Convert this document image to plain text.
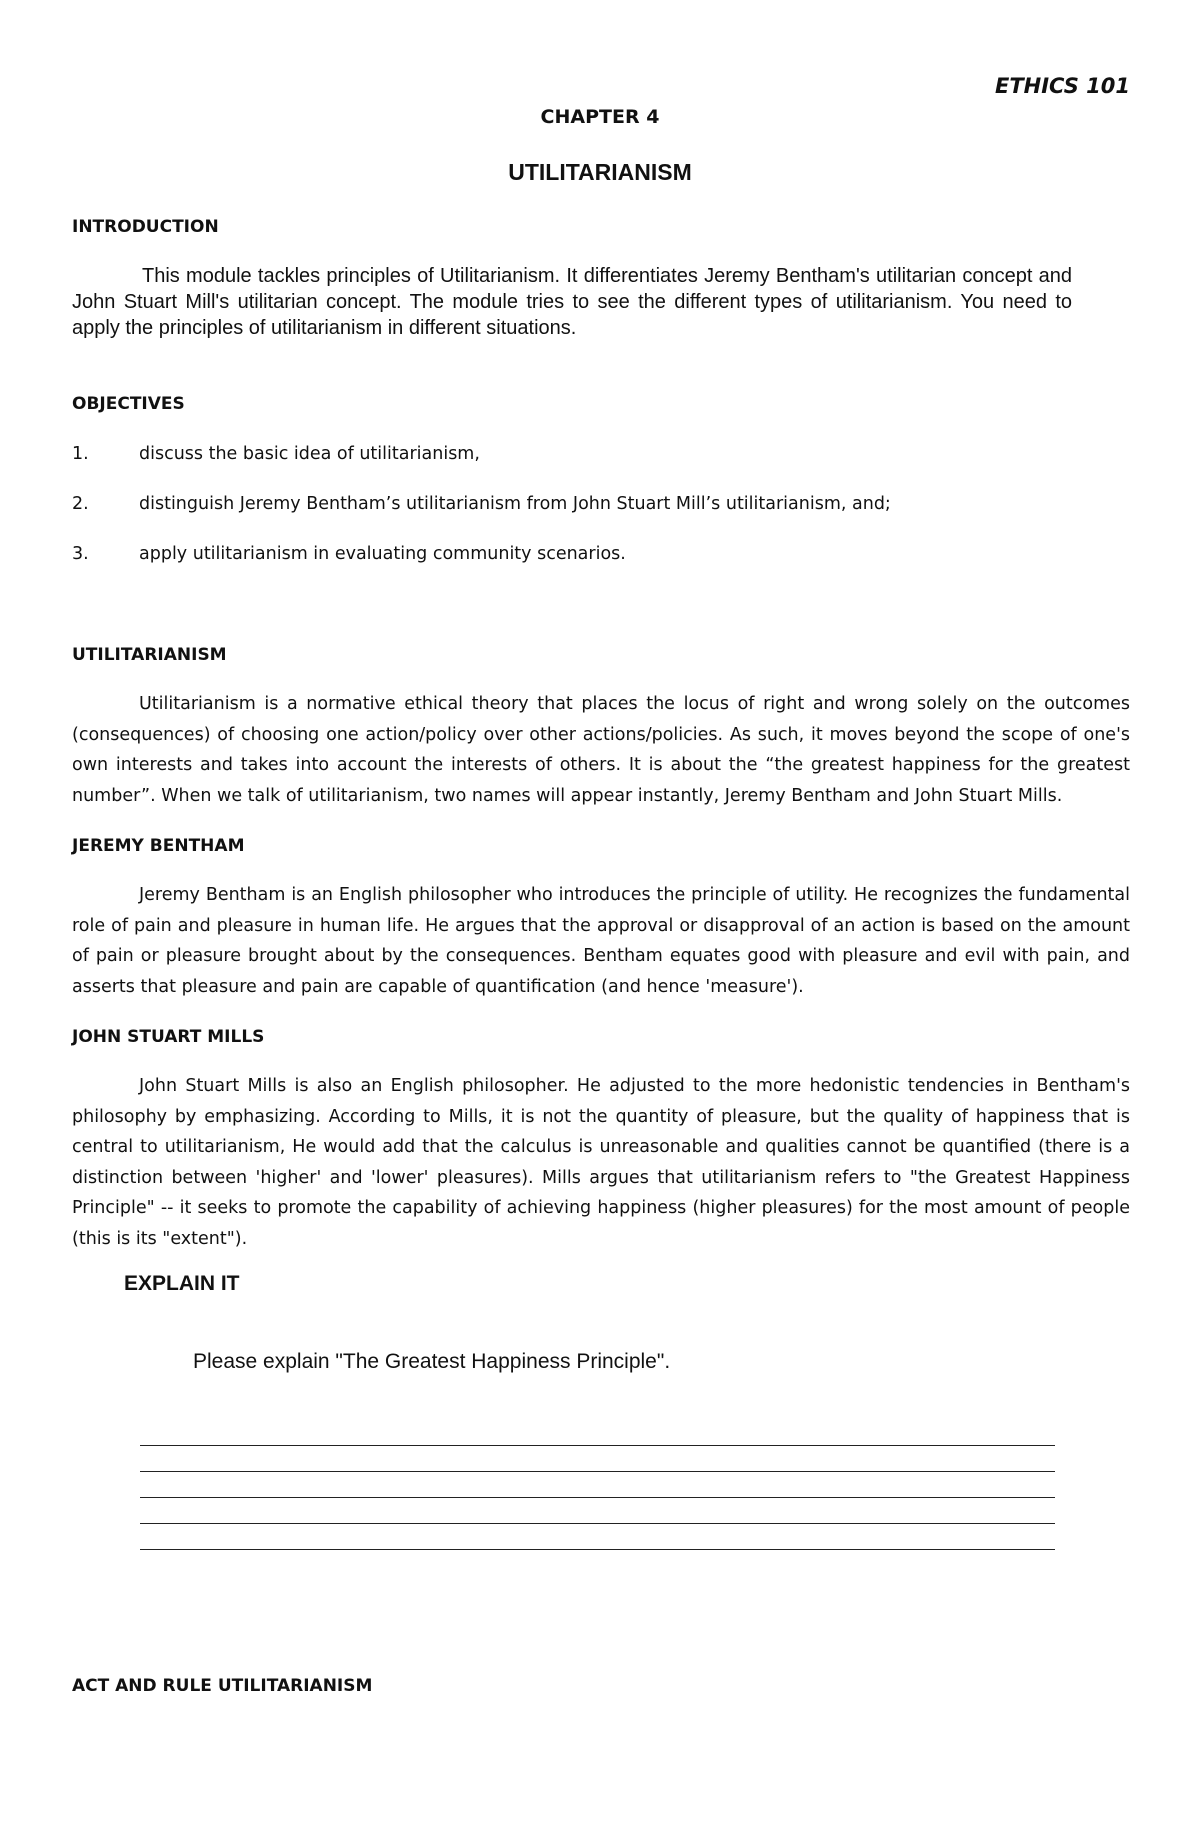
ETHICS 101
CHAPTER 4
UTILITARIANISM
INTRODUCTION
This module tackles principles of Utilitarianism. It differentiates Jeremy Bentham's utilitarian concept and John Stuart Mill's utilitarian concept. The module tries to see the different types of utilitarianism. You need to apply the principles of utilitarianism in different situations.
OBJECTIVES
1.	discuss the basic idea of utilitarianism,
2.	distinguish Jeremy Bentham’s utilitarianism from John Stuart Mill’s utilitarianism, and;
3.	apply utilitarianism in evaluating community scenarios.
UTILITARIANISM
Utilitarianism is a normative ethical theory that places the locus of right and wrong solely on the outcomes (consequences) of choosing one action/policy over other actions/policies. As such, it moves beyond the scope of one's own interests and takes into account the interests of others. It is about the “the greatest happiness for the greatest number”. When we talk of utilitarianism, two names will appear instantly, Jeremy Bentham and John Stuart Mills.
JEREMY BENTHAM
Jeremy Bentham is an English philosopher who introduces the principle of utility. He recognizes the fundamental role of pain and pleasure in human life. He argues that the approval or disapproval of an action is based on the amount of pain or pleasure brought about by the consequences. Bentham equates good with pleasure and evil with pain, and asserts that pleasure and pain are capable of quantification (and hence 'measure').
JOHN STUART MILLS
John Stuart Mills is also an English philosopher. He adjusted to the more hedonistic tendencies in Bentham's philosophy by emphasizing. According to Mills, it is not the quantity of pleasure, but the quality of happiness that is central to utilitarianism, He would add that the calculus is unreasonable and qualities cannot be quantified (there is a distinction between 'higher' and 'lower' pleasures). Mills argues that utilitarianism refers to "the Greatest Happiness Principle" -- it seeks to promote the capability of achieving happiness (higher pleasures) for the most amount of people (this is its "extent").
EXPLAIN IT
Please explain "The Greatest Happiness Principle".
ACT AND RULE UTILITARIANISM
